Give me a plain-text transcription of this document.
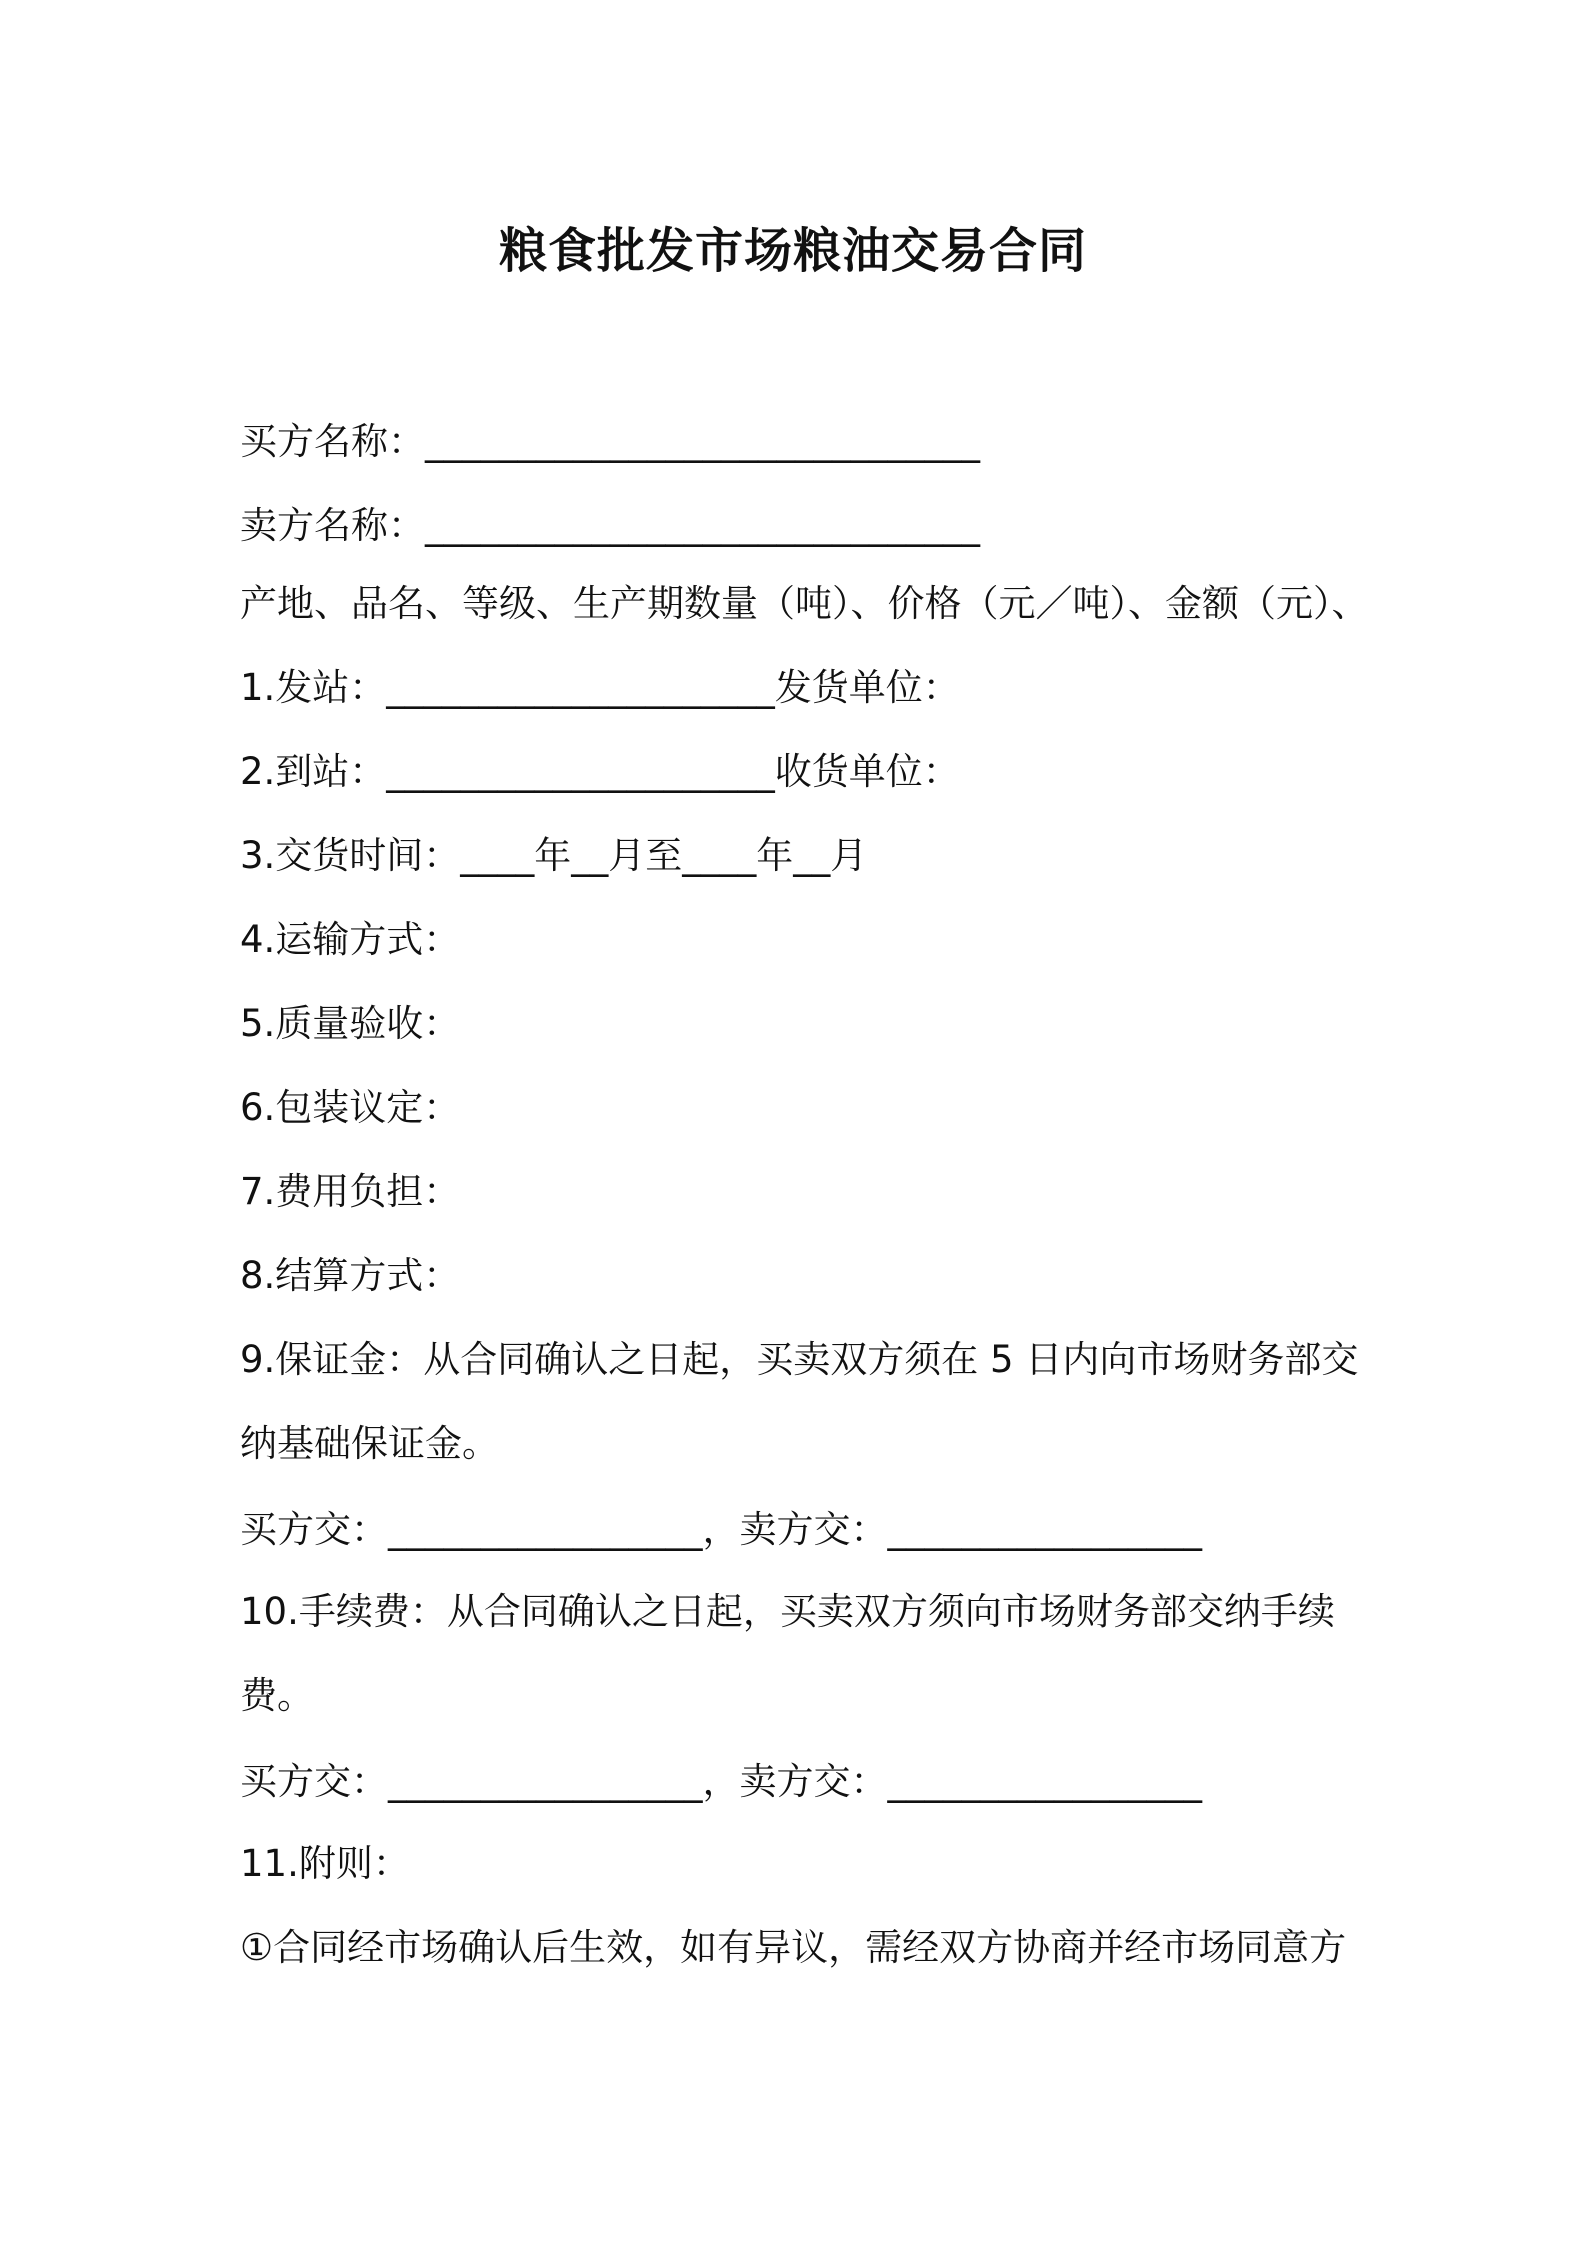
粮食批发市场粮油交易合同
买方名称：______________________________
卖方名称：______________________________
产地、品名、等级、生产期数量（吨）、价格（元／吨）、金额（元）、
1.发站：_____________________发货单位：
2.到站：_____________________收货单位：
3.交货时间：____年__月至____年__月
4.运输方式：
5.质量验收：
6.包装议定：
7.费用负担：
8.结算方式：
9.保证金：从合同确认之日起，买卖双方须在 5 日内向市场财务部交
纳基础保证金。
买方交：_________________，卖方交：_________________
10.手续费：从合同确认之日起，买卖双方须向市场财务部交纳手续
费。
买方交：_________________，卖方交：_________________
11.附则：
①合同经市场确认后生效，如有异议，需经双方协商并经市场同意方
